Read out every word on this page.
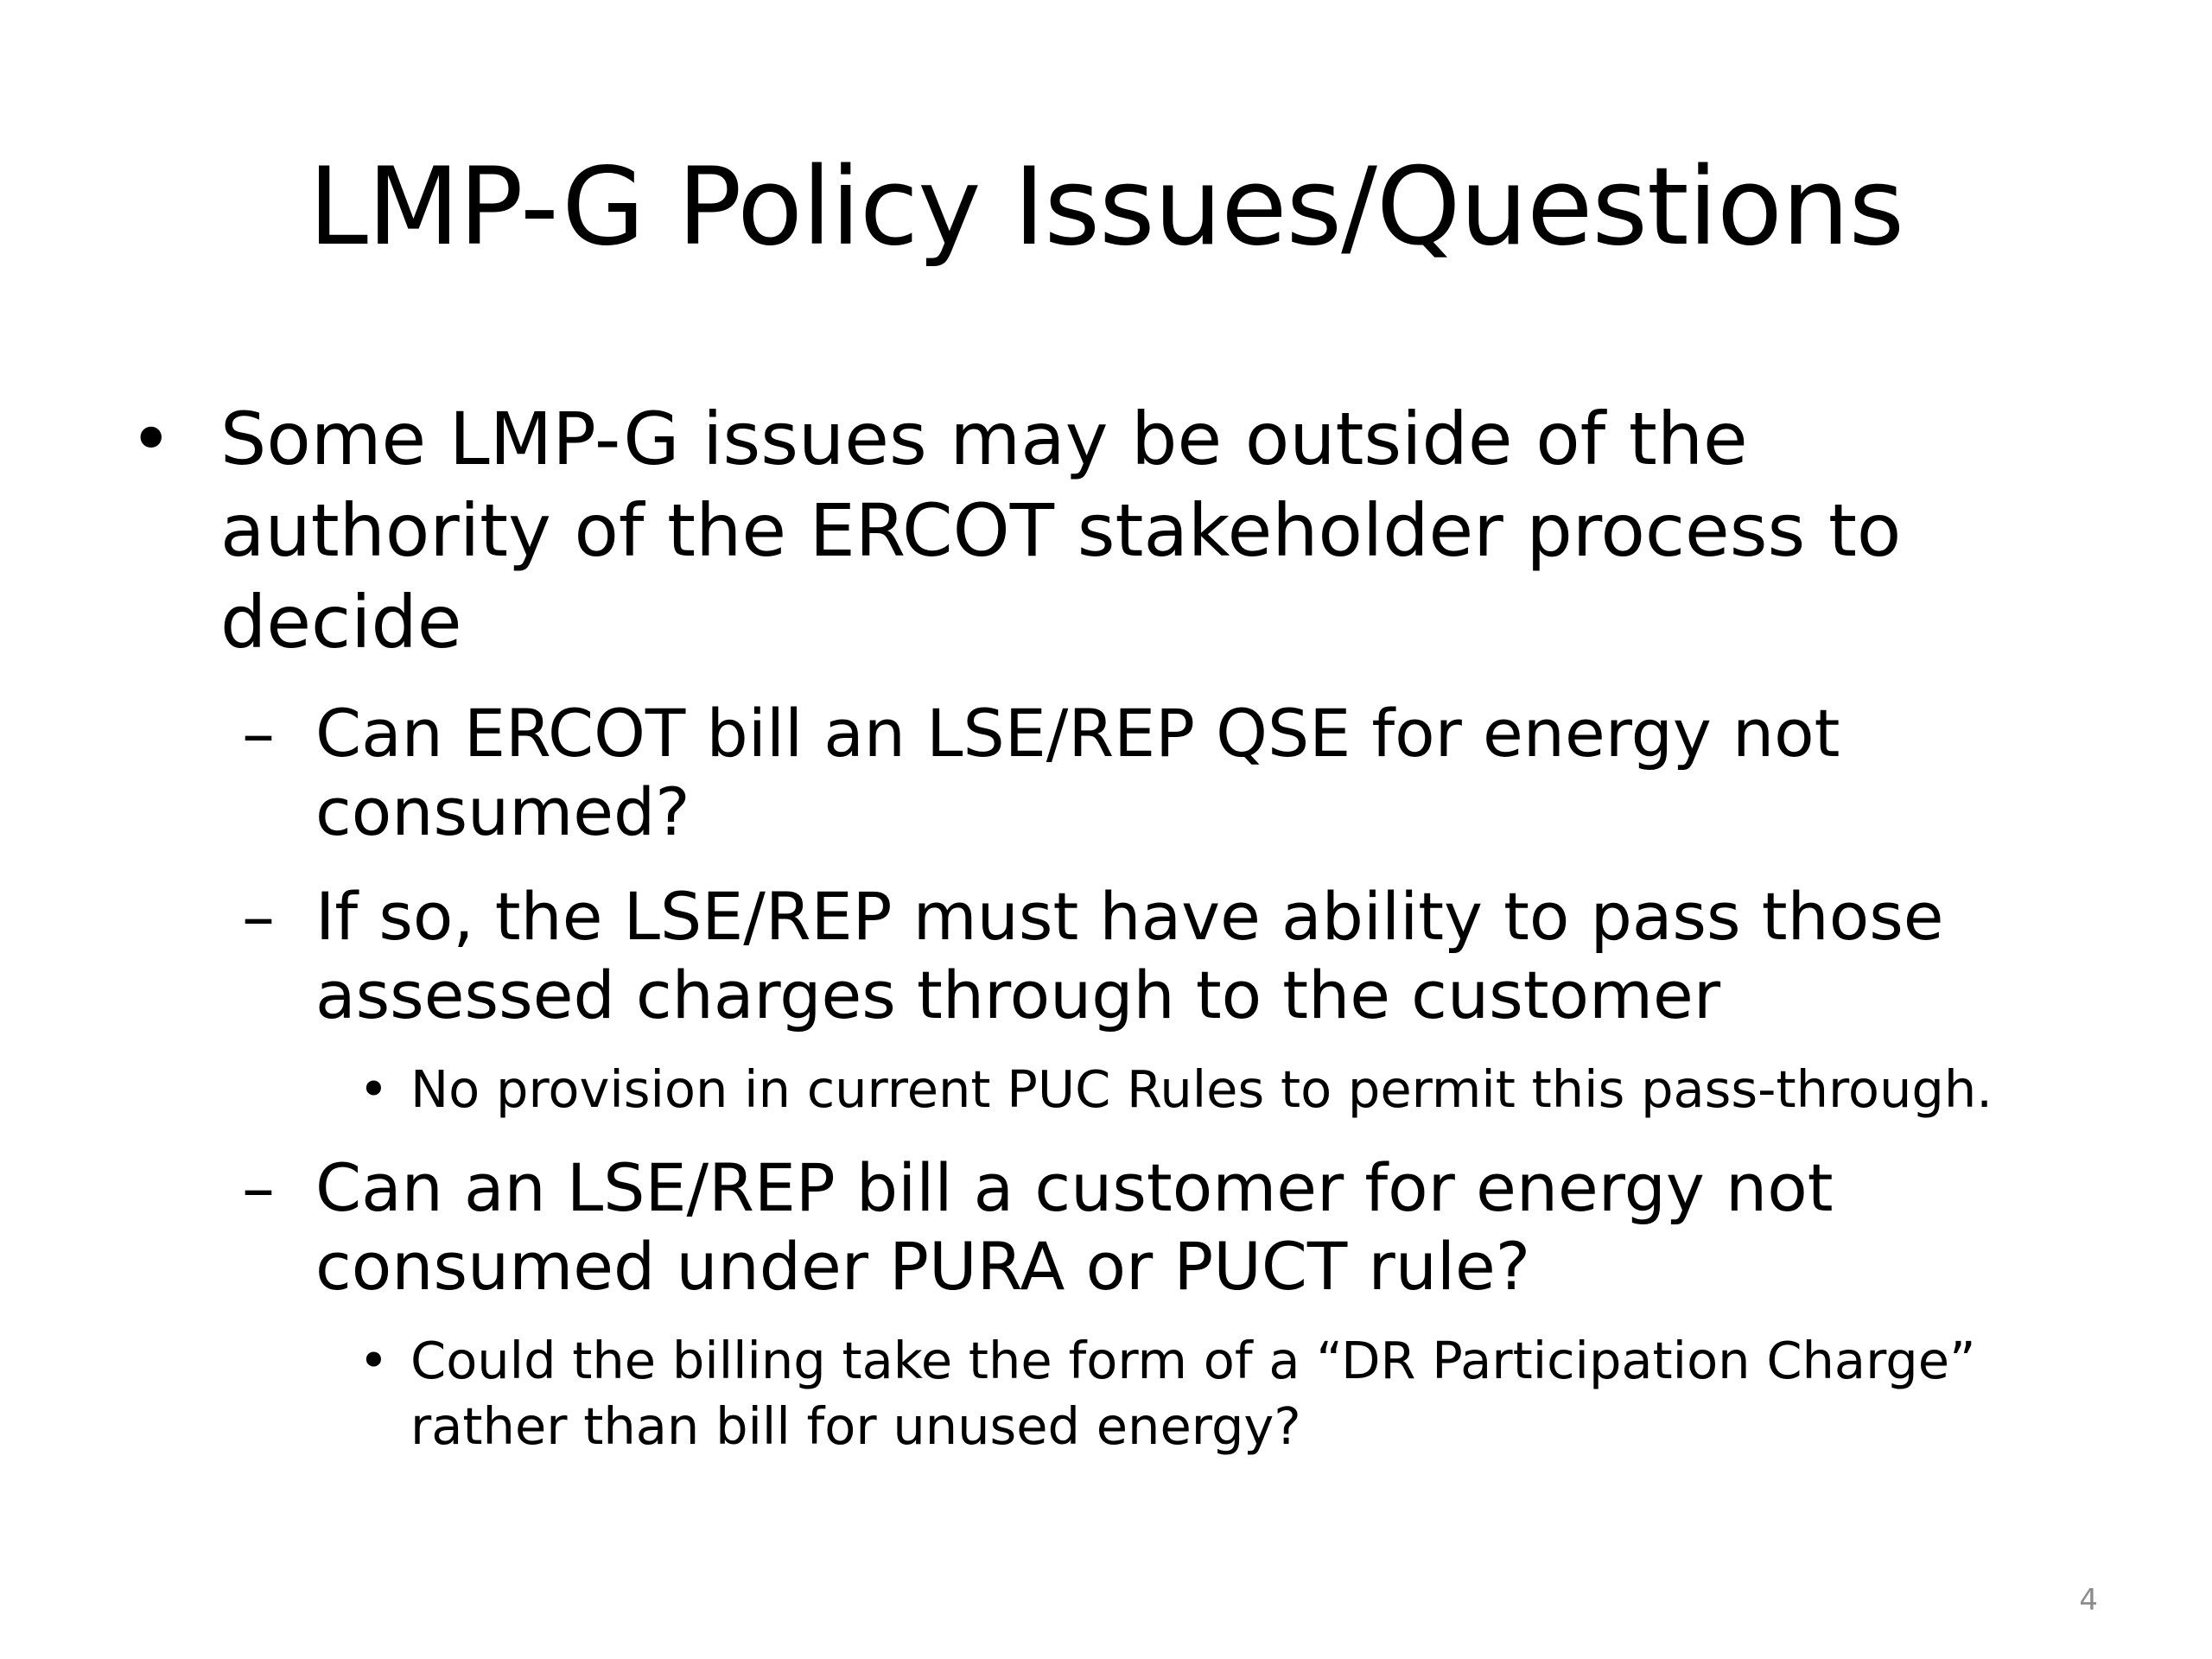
LMP-G Policy Issues/Questions
• Some LMP-G issues may be outside of the authority of the ERCOT stakeholder process to decide
– Can ERCOT bill an LSE/REP QSE for energy not consumed?
– If so, the LSE/REP must have ability to pass those assessed charges through to the customer
• No provision in current PUC Rules to permit this pass-through.
– Can an LSE/REP bill a customer for energy not consumed under PURA or PUCT rule?
• Could the billing take the form of a “DR Participation Charge” rather than bill for unused energy?
4
